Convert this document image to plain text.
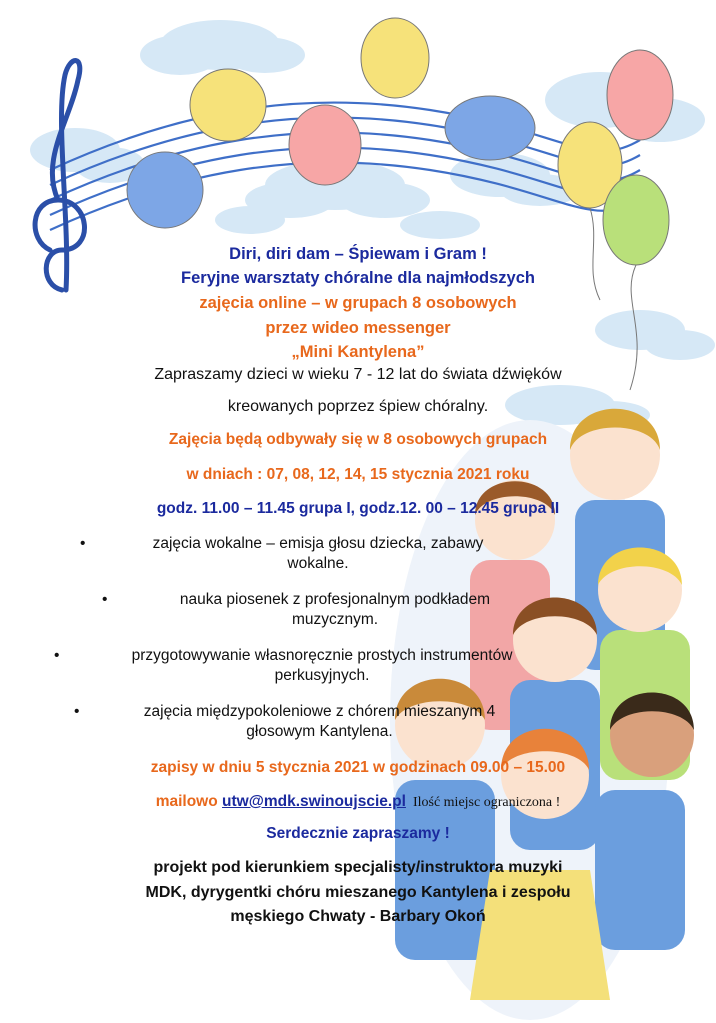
Diri, diri dam – Śpiewam i Gram !

Feryjne warsztaty chóralne dla najmłodszych

zajęcia online – w grupach 8 osobowych

przez wideo messenger

„Mini Kantylena”

Zapraszamy dzieci w wieku 7 - 12 lat do świata dźwięków

kreowanych poprzez śpiew chóralny.

Zajęcia będą odbywały się w 8 osobowych grupach

w dniach : 07, 08, 12, 14, 15 stycznia 2021 roku

godz. 11.00 – 11.45 grupa I, godz.12. 00 – 12.45 grupa II

•	zajęcia wokalne – emisja głosu dziecka, zabawy
wokalne.
•	nauka piosenek z profesjonalnym podkładem
muzycznym.
•	przygotowywanie własnoręcznie prostych instrumentów
perkusyjnych.
•	zajęcia międzypokoleniowe z chórem mieszanym 4
głosowym Kantylena.

zapisy w dniu 5 stycznia 2021 w godzinach 09.00 – 15.00

mailowo utw@mdk.swinoujscie.pl Ilość miejsc ograniczona !

Serdecznie zapraszamy !

projekt pod kierunkiem specjalisty/instruktora muzyki

MDK, dyrygentki chóru mieszanego Kantylena i zespołu

męskiego Chwaty - Barbary Okoń
